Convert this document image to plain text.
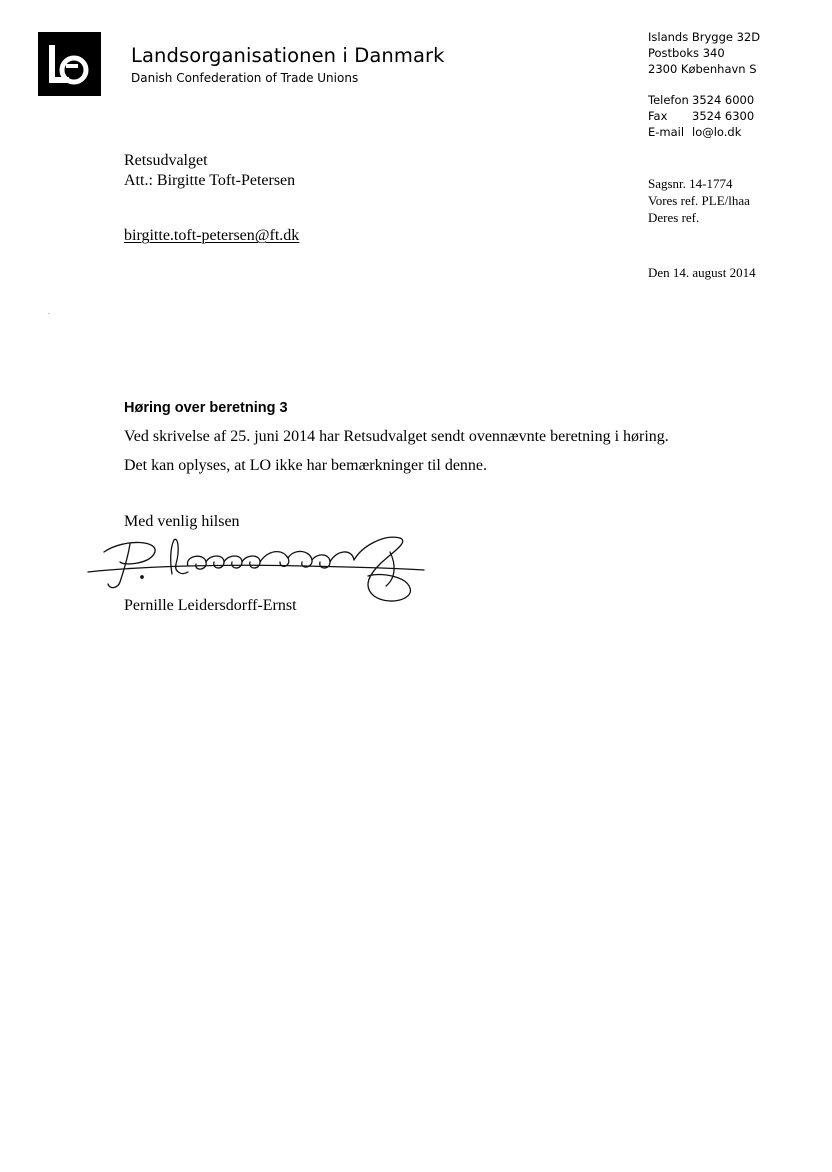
Landsorganisationen i Danmark
Danish Confederation of Trade Unions
Islands Brygge 32D
Postboks 340
2300 København S
Telefon 3524 6000
Fax	3524 6300
E-mail lo@lo.dk
Retsudvalget
Att.: Birgitte Toft-Petersen
birgitte.toft-petersen@ft.dk
Sagsnr. 14-1774
Vores ref. PLE/lhaa
Deres ref.
Den 14. august 2014
Høring over beretning 3
Ved skrivelse af 25. juni 2014 har Retsudvalget sendt ovennævnte beretning i høring.
Det kan oplyses, at LO ikke har bemærkninger til denne.
Med venlig hilsen
Pernille Leidersdorff-Ernst
